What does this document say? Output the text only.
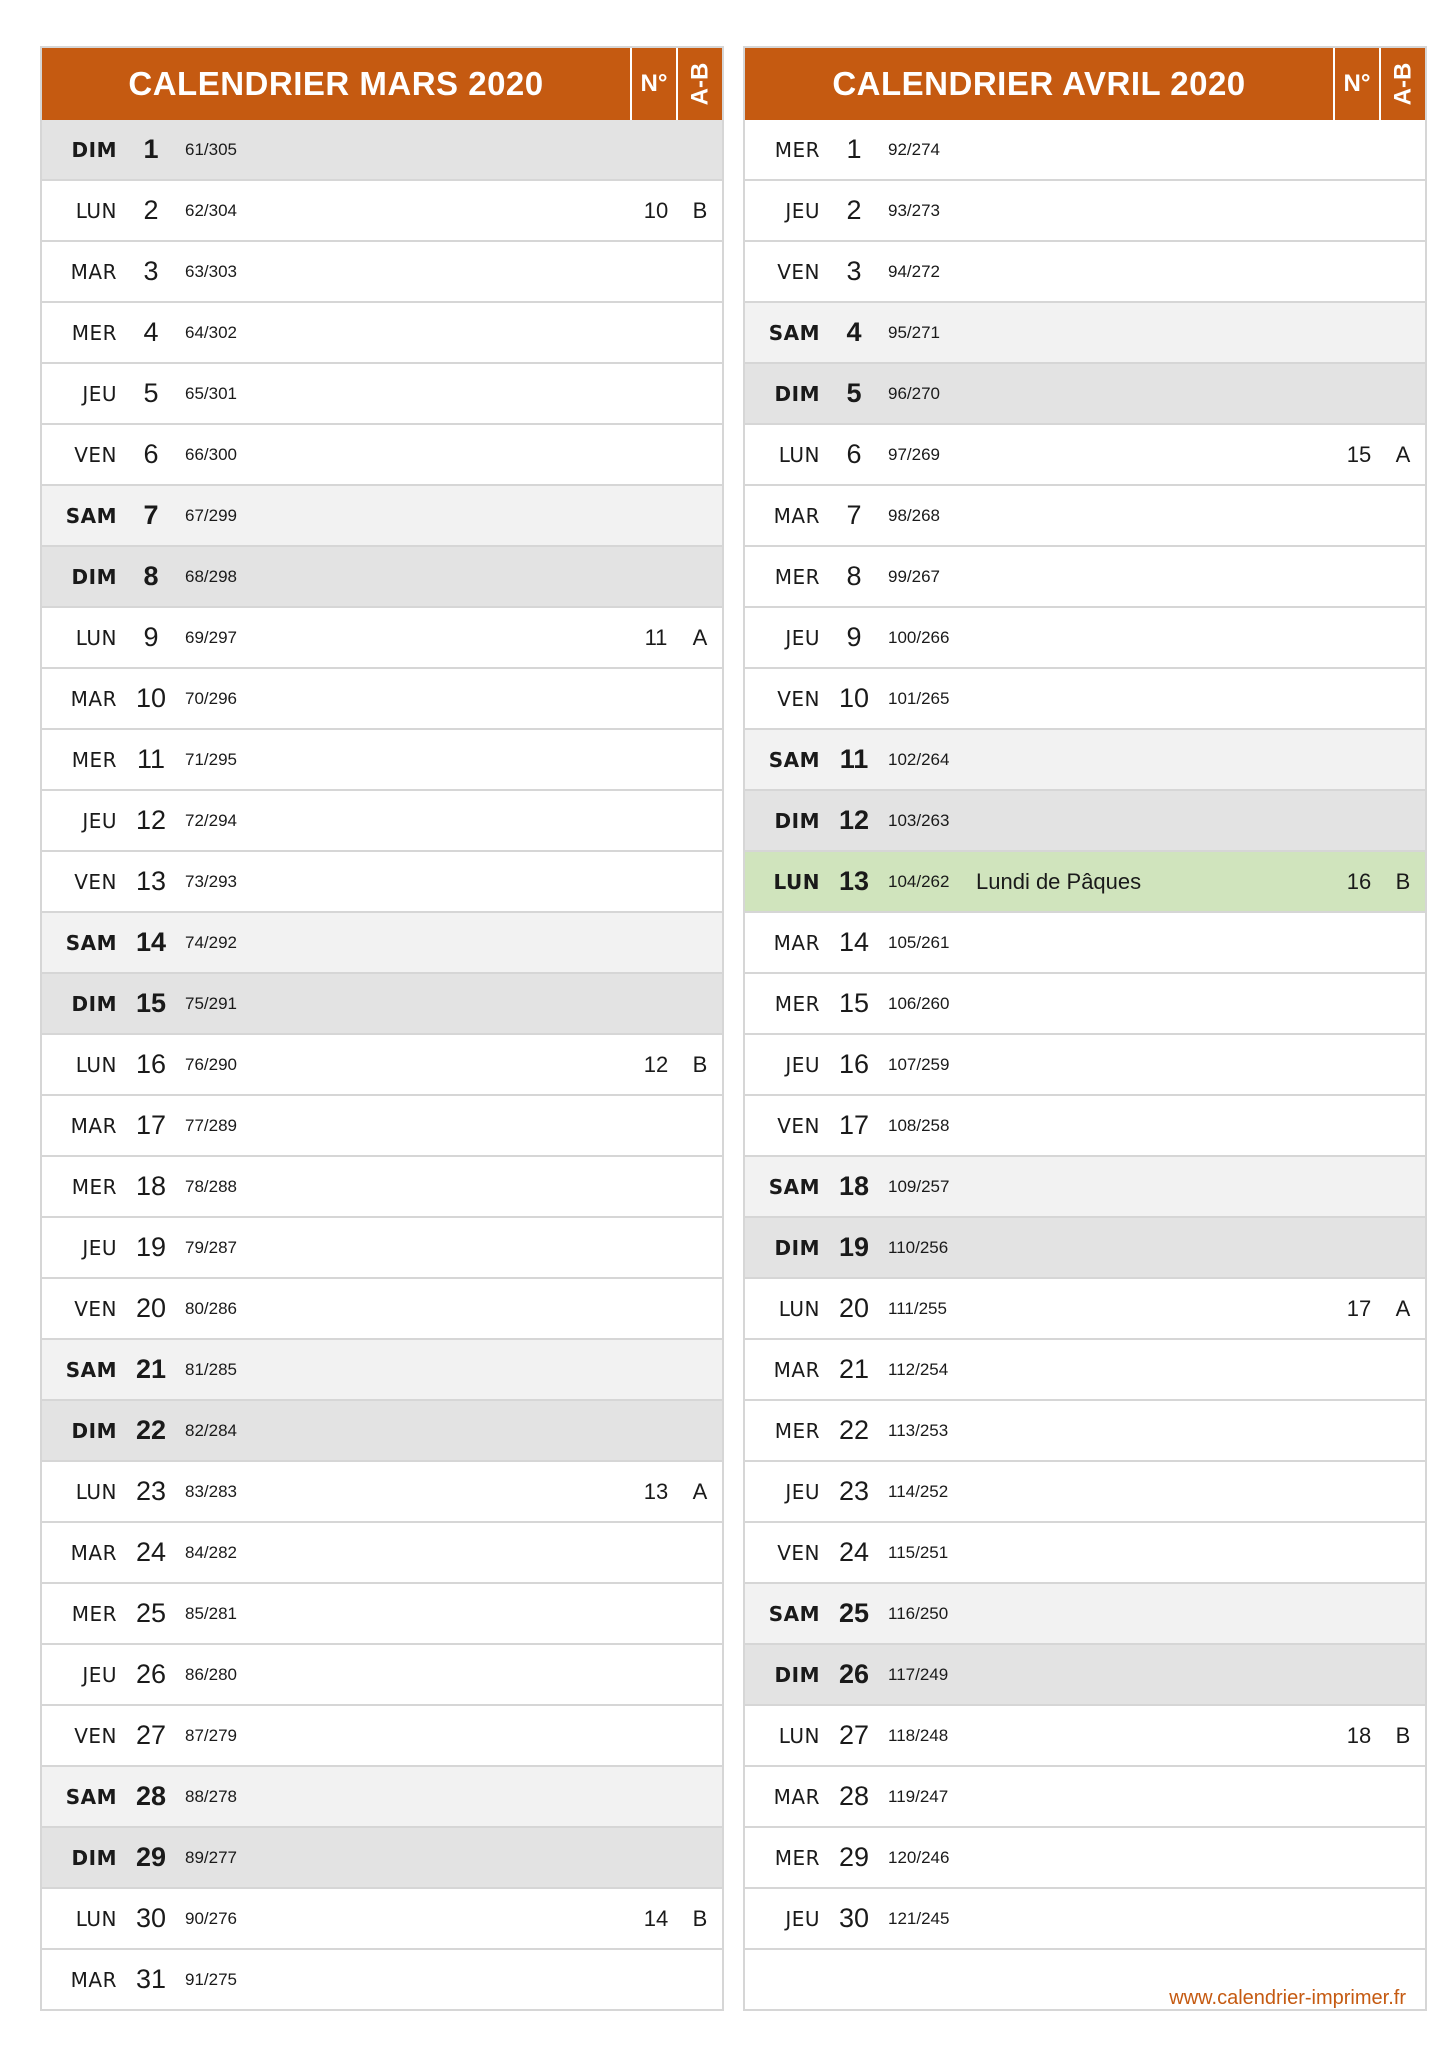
CALENDRIER MARS 2020	N° A-B
DIM 1	61/305
LUN 2	62/304	10	B
MAR 3	63/303
MER 4	64/302
JEU 5	65/301
VEN 6	66/300
SAM 7	67/299
DIM 8	68/298
LUN 9	69/297	11	A
MAR 10	70/296
MER 11	71/295
JEU 12	72/294
VEN 13	73/293
SAM 14	74/292
DIM 15	75/291
LUN 16	76/290	12	B
MAR 17	77/289
MER 18	78/288
JEU 19	79/287
VEN 20	80/286
SAM 21	81/285
DIM 22	82/284
LUN 23	83/283	13	A
MAR 24	84/282
MER 25	85/281
JEU 26	86/280
VEN 27	87/279
SAM 28	88/278
DIM 29	89/277
LUN 30	90/276	14	B
MAR 31	91/275
CALENDRIER AVRIL 2020	N° A-B
MER 1	92/274
JEU 2	93/273
VEN 3	94/272
SAM 4	95/271
DIM 5	96/270
LUN 6	97/269	15	A
MAR 7	98/268
MER 8	99/267
JEU 9	100/266
VEN 10	101/265
SAM 11	102/264
DIM 12	103/263
LUN 13	104/262	Lundi de Pâques	16	B
MAR 14	105/261
MER 15	106/260
JEU 16	107/259
VEN 17	108/258
SAM 18	109/257
DIM 19	110/256
LUN 20	111/255	17	A
MAR 21	112/254
MER 22	113/253
JEU 23	114/252
VEN 24	115/251
SAM 25	116/250
DIM 26	117/249
LUN 27	118/248	18	B
MAR 28	119/247
MER 29	120/246
JEU 30	121/245
www.calendrier-imprimer.fr
